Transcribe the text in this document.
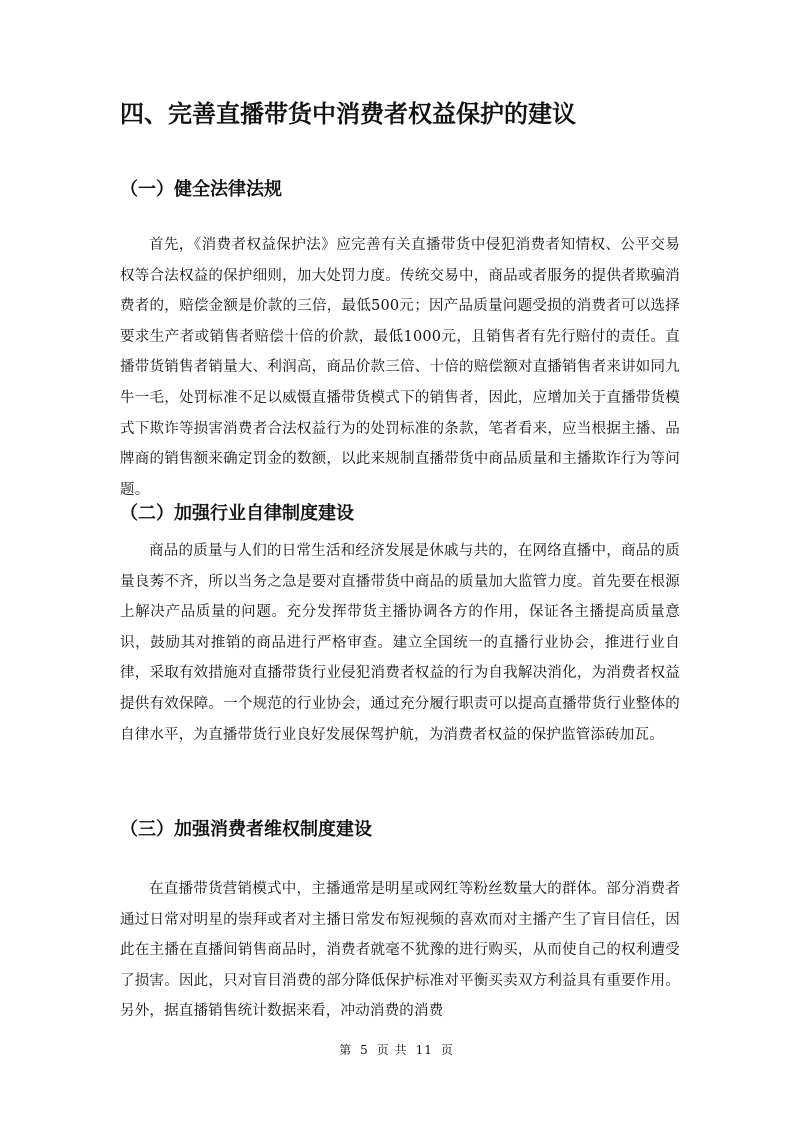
四、完善直播带货中消费者权益保护的建议
（一）健全法律法规

首先，《消费者权益保护法》应完善有关直播带货中侵犯消费者知情权、公平交易权等合法权益的保护细则，加大处罚力度。传统交易中，商品或者服务的提供者欺骗消费者的，赔偿金额是价款的三倍，最低500元；因产品质量问题受损的消费者可以选择要求生产者或销售者赔偿十倍的价款，最低1000元，且销售者有先行赔付的责任。直播带货销售者销量大、利润高，商品价款三倍、十倍的赔偿额对直播销售者来讲如同九牛一毛，处罚标准不足以威慑直播带货模式下的销售者，因此，应增加关于直播带货模式下欺诈等损害消费者合法权益行为的处罚标准的条款，笔者看来，应当根据主播、品牌商的销售额来确定罚金的数额，以此来规制直播带货中商品质量和主播欺诈行为等问题。

（二）加强行业自律制度建设

商品的质量与人们的日常生活和经济发展是休戚与共的，在网络直播中，商品的质量良莠不齐，所以当务之急是要对直播带货中商品的质量加大监管力度。首先要在根源上解决产品质量的问题。充分发挥带货主播协调各方的作用，保证各主播提高质量意识，鼓励其对推销的商品进行严格审查。建立全国统一的直播行业协会，推进行业自律，采取有效措施对直播带货行业侵犯消费者权益的行为自我解决消化，为消费者权益提供有效保障。一个规范的行业协会，通过充分履行职责可以提高直播带货行业整体的自律水平，为直播带货行业良好发展保驾护航，为消费者权益的保护监管添砖加瓦。

（三）加强消费者维权制度建设

在直播带货营销模式中，主播通常是明星或网红等粉丝数量大的群体。部分消费者通过日常对明星的崇拜或者对主播日常发布短视频的喜欢而对主播产生了盲目信任，因此在主播在直播间销售商品时，消费者就毫不犹豫的进行购买，从而使自己的权利遭受了损害。因此，只对盲目消费的部分降低保护标准对平衡买卖双方利益具有重要作用。另外，据直播销售统计数据来看，冲动消费的消费

第 5 页 共 11 页
